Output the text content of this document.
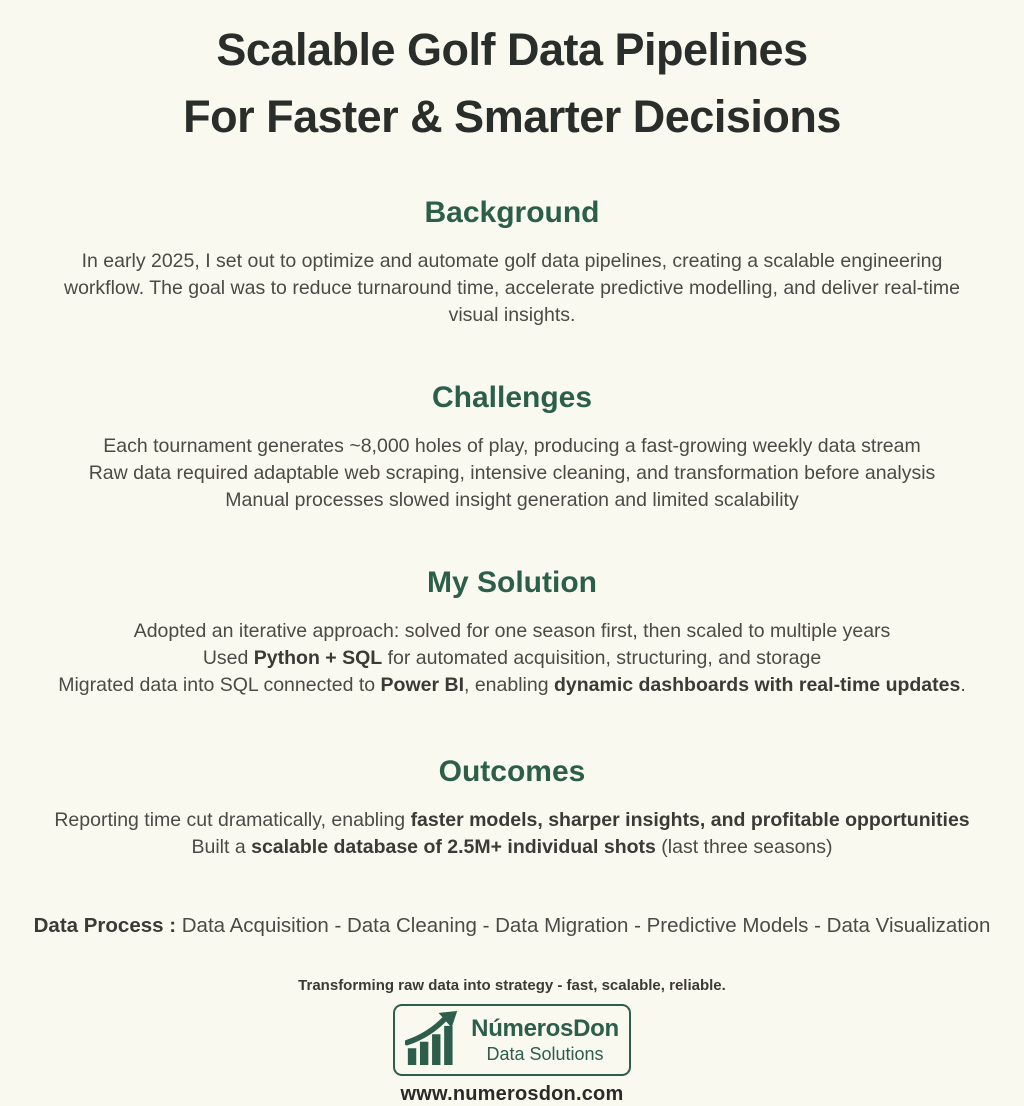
Scalable Golf Data Pipelines
For Faster & Smarter Decisions
Background
In early 2025, I set out to optimize and automate golf data pipelines, creating a scalable engineering
workflow. The goal was to reduce turnaround time, accelerate predictive modelling, and deliver real-time
visual insights.
Challenges
Each tournament generates ~8,000 holes of play, producing a fast-growing weekly data stream
Raw data required adaptable web scraping, intensive cleaning, and transformation before analysis
Manual processes slowed insight generation and limited scalability
My Solution
Adopted an iterative approach: solved for one season first, then scaled to multiple years
Used Python + SQL for automated acquisition, structuring, and storage
Migrated data into SQL connected to Power BI, enabling dynamic dashboards with real-time updates.
Outcomes
Reporting time cut dramatically, enabling faster models, sharper insights, and profitable opportunities
Built a scalable database of 2.5M+ individual shots (last three seasons)
Data Process : Data Acquisition - Data Cleaning - Data Migration - Predictive Models - Data Visualization
Transforming raw data into strategy - fast, scalable, reliable.
NúmerosDon
Data Solutions
www.numerosdon.com
